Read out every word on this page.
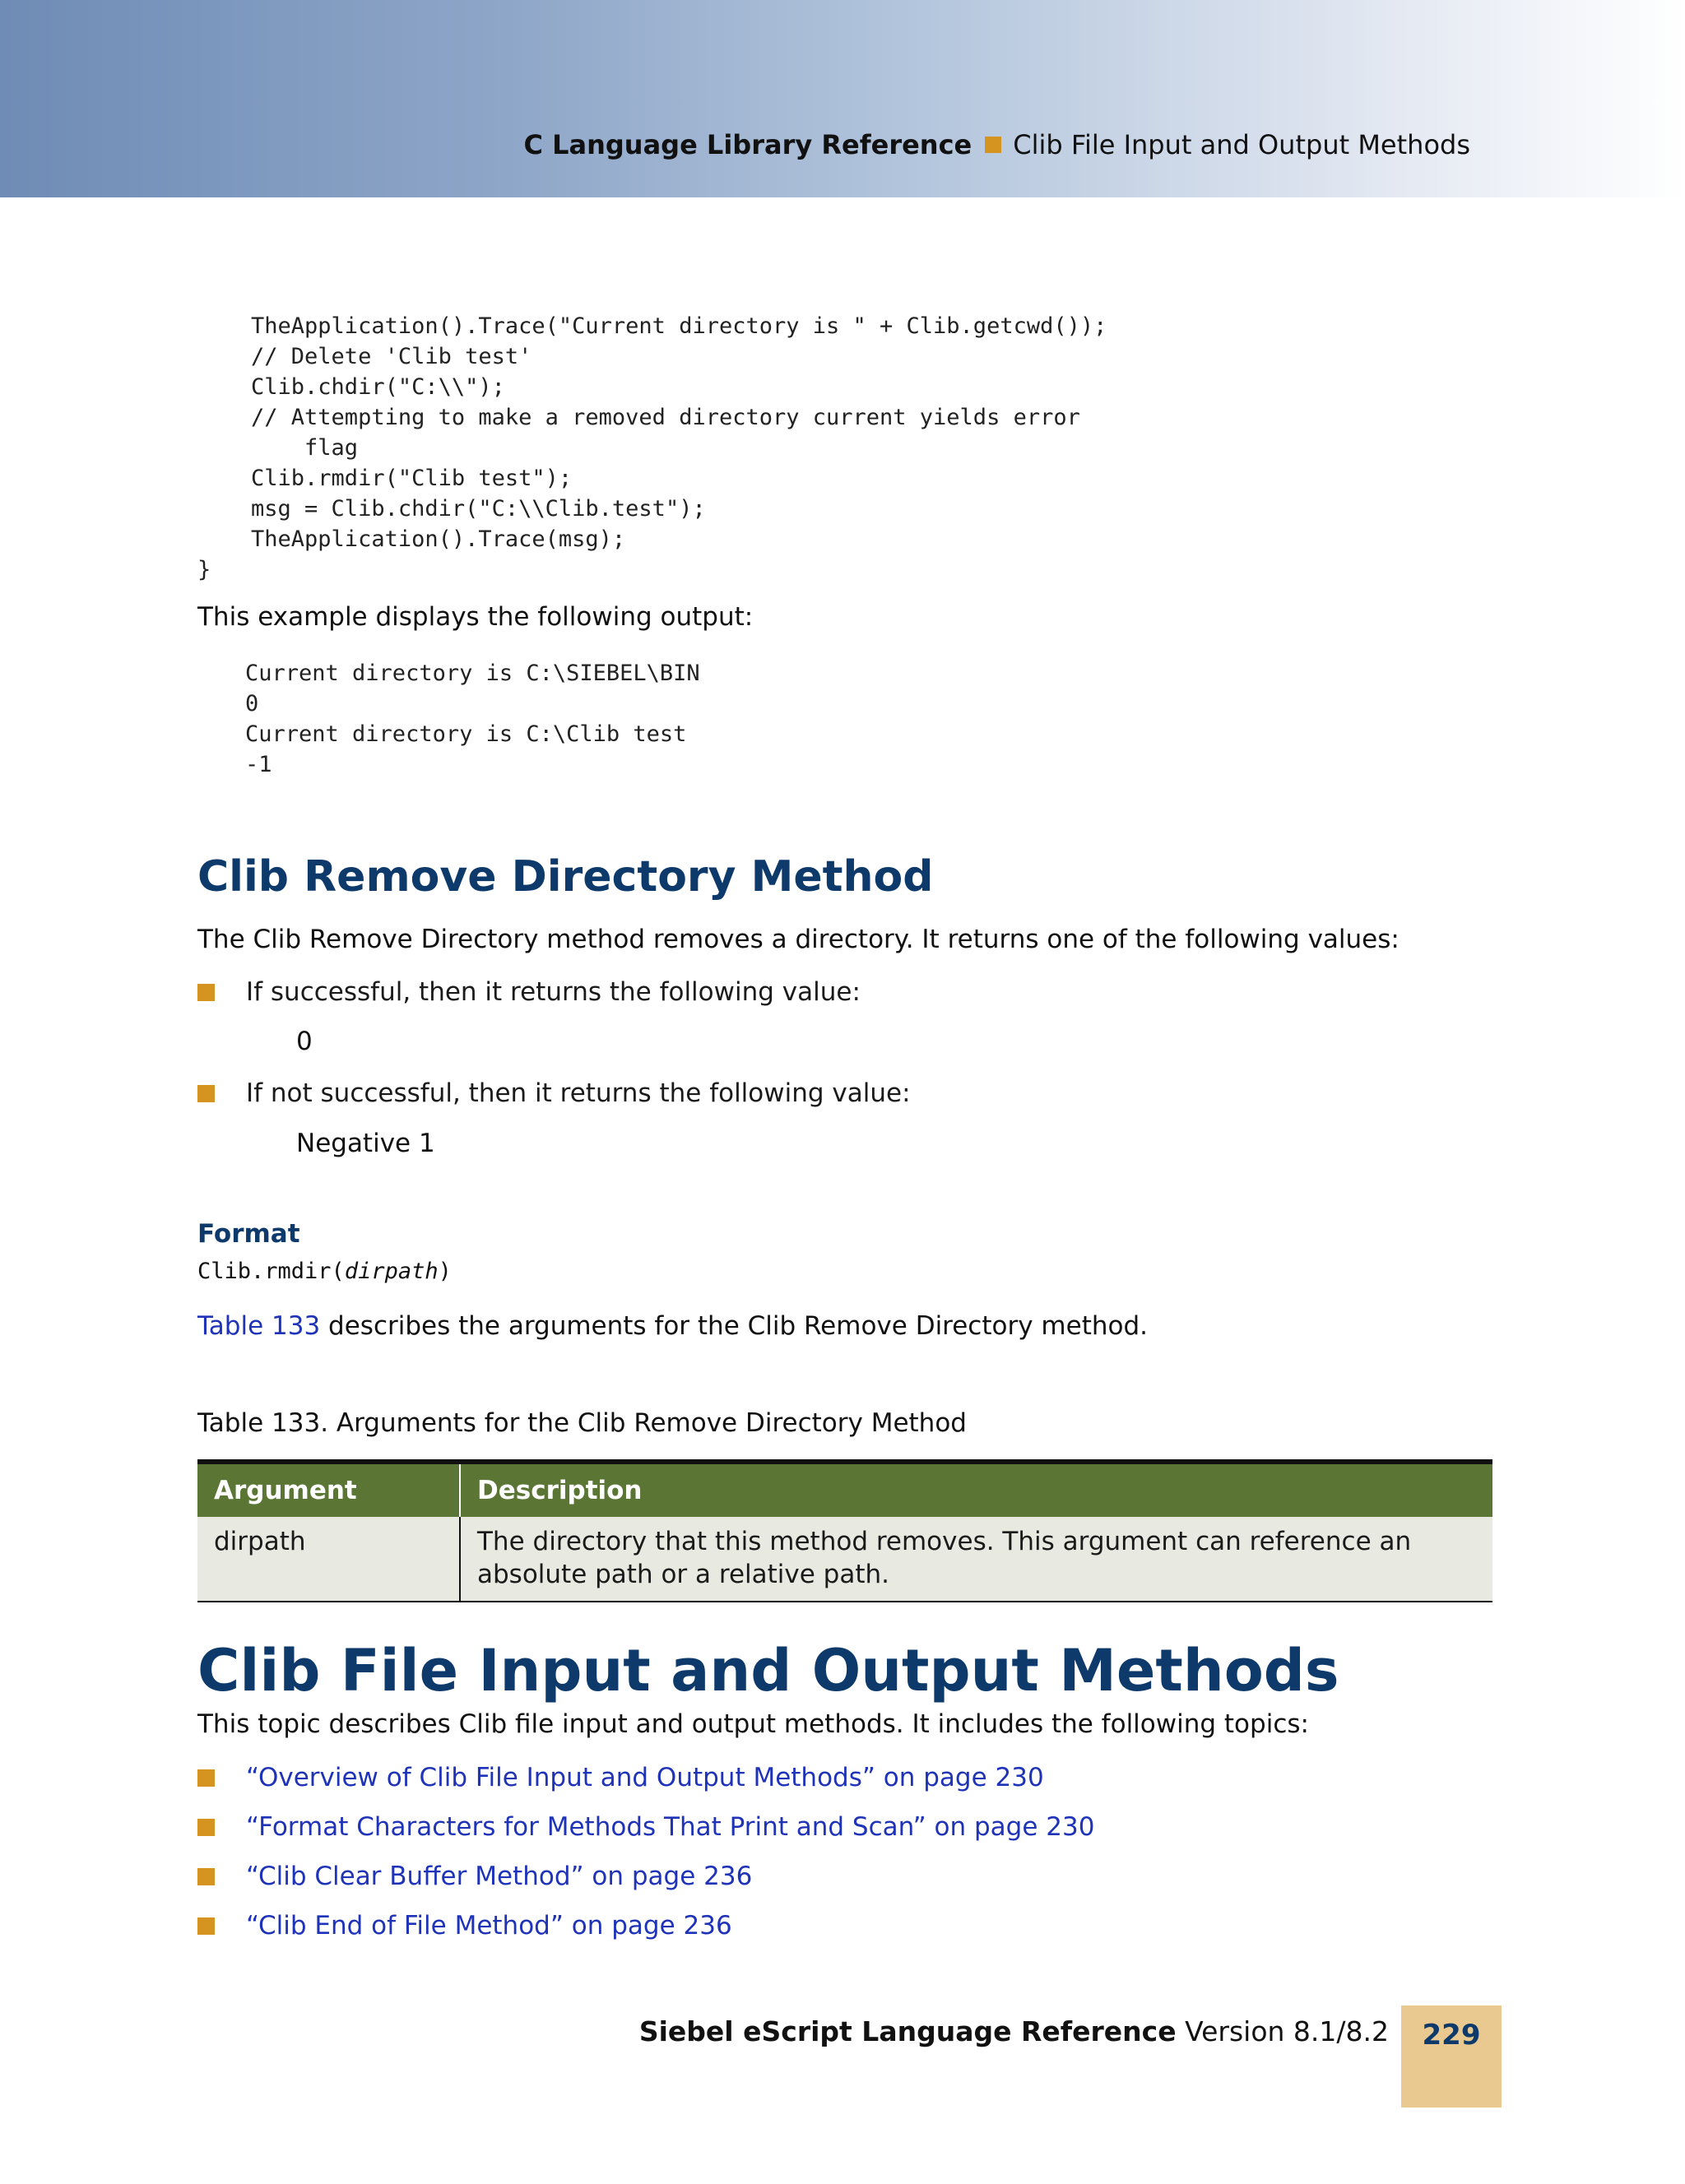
C Language Library Reference Clib File Input and Output Methods
TheApplication().Trace("Current directory is " + Clib.getcwd());
// Delete 'Clib test'
Clib.chdir("C:\\");
// Attempting to make a removed directory current yields error
flag
Clib.rmdir("Clib test");
msg = Clib.chdir("C:\\Clib.test");
TheApplication().Trace(msg);
}
This example displays the following output:
Current directory is C:\SIEBEL\BIN
0
Current directory is C:\Clib test
-1
Clib Remove Directory Method
The Clib Remove Directory method removes a directory. It returns one of the following values:
If successful, then it returns the following value:
0
If not successful, then it returns the following value:
Negative 1
Format
Clib.rmdir(dirpath)
Table 133 describes the arguments for the Clib Remove Directory method.
Table 133. Arguments for the Clib Remove Directory Method
Argument	Description
dirpath	The directory that this method removes. This argument can reference an absolute path or a relative path.
Clib File Input and Output Methods
This topic describes Clib file input and output methods. It includes the following topics:
“Overview of Clib File Input and Output Methods” on page 230
“Format Characters for Methods That Print and Scan” on page 230
“Clib Clear Buffer Method” on page 236
“Clib End of File Method” on page 236
Siebel eScript Language Reference Version 8.1/8.2	229
